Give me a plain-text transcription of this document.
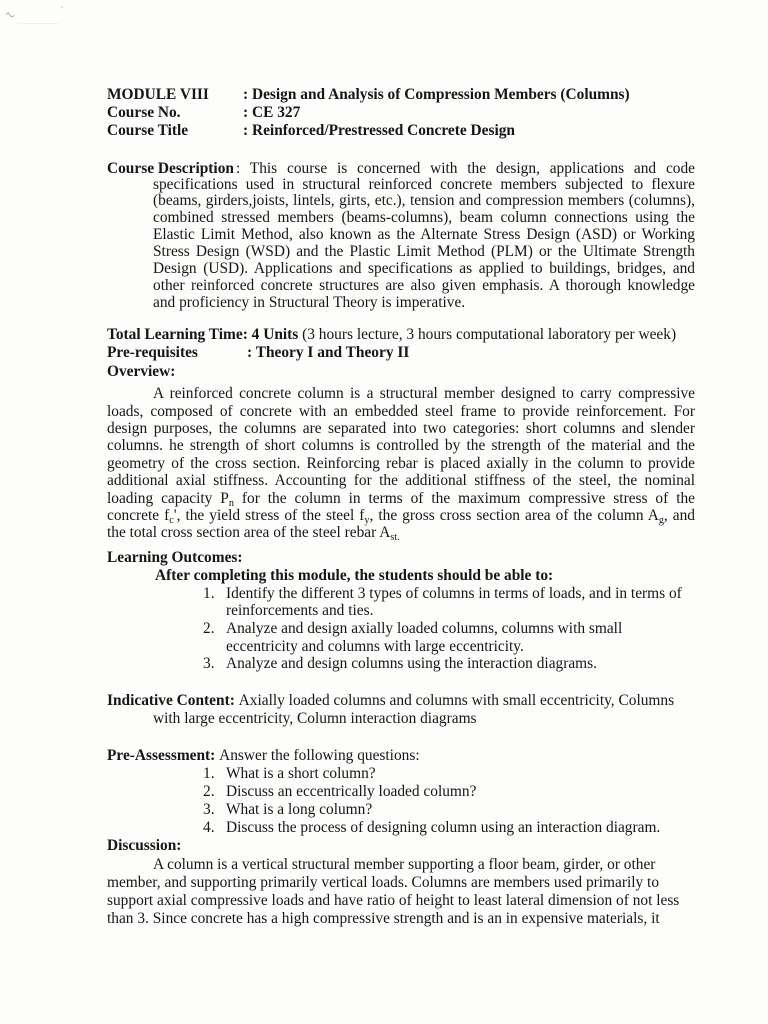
MODULE VIII : Design and Analysis of Compression Members (Columns)
Course No.	: CE 327
Course Title	: Reinforced/Prestressed Concrete Design
Course Description : This course is concerned with the design, applications and code
specifications used in structural reinforced concrete members subjected to flexure
(beams, girders,joists, lintels, girts, etc.), tension and compression members (columns),
combined stressed members (beams-columns), beam column connections using the
Elastic Limit Method, also known as the Alternate Stress Design (ASD) or Working
Stress Design (WSD) and the Plastic Limit Method (PLM) or the Ultimate Strength
Design (USD). Applications and specifications as applied to buildings, bridges, and
other reinforced concrete structures are also given emphasis. A thorough knowledge
and proficiency in Structural Theory is imperative.
Total Learning Time: 4 Units (3 hours lecture, 3 hours computational laboratory per week)
Pre-requisites	: Theory I and Theory II
Overview:
A reinforced concrete column is a structural member designed to carry compressive
loads, composed of concrete with an embedded steel frame to provide reinforcement. For
design purposes, the columns are separated into two categories: short columns and slender
columns. he strength of short columns is controlled by the strength of the material and the
geometry of the cross section. Reinforcing rebar is placed axially in the column to provide
additional axial stiffness. Accounting for the additional stiffness of the steel, the nominal
loading capacity $P_n$ for the column in terms of the maximum compressive stress of the
concrete $f_c'$, the yield stress of the steel $f_y$, the gross cross section area of the column $A_g$, and
the total cross section area of the steel rebar $A_{st.}$
Learning Outcomes:
After completing this module, the students should be able to:
1. Identify the different 3 types of columns in terms of loads, and in terms of
reinforcements and ties.
2. Analyze and design axially loaded columns, columns with small
eccentricity and columns with large eccentricity.
3. Analyze and design columns using the interaction diagrams.
Indicative Content: Axially loaded columns and columns with small eccentricity, Columns
with large eccentricity, Column interaction diagrams
Pre-Assessment: Answer the following questions:
1. What is a short column?
2. Discuss an eccentrically loaded column?
3. What is a long column?
4. Discuss the process of designing column using an interaction diagram.
Discussion:
A column is a vertical structural member supporting a floor beam, girder, or other
member, and supporting primarily vertical loads. Columns are members used primarily to
support axial compressive loads and have ratio of height to least lateral dimension of not less
than 3. Since concrete has a high compressive strength and is an in expensive materials, it
